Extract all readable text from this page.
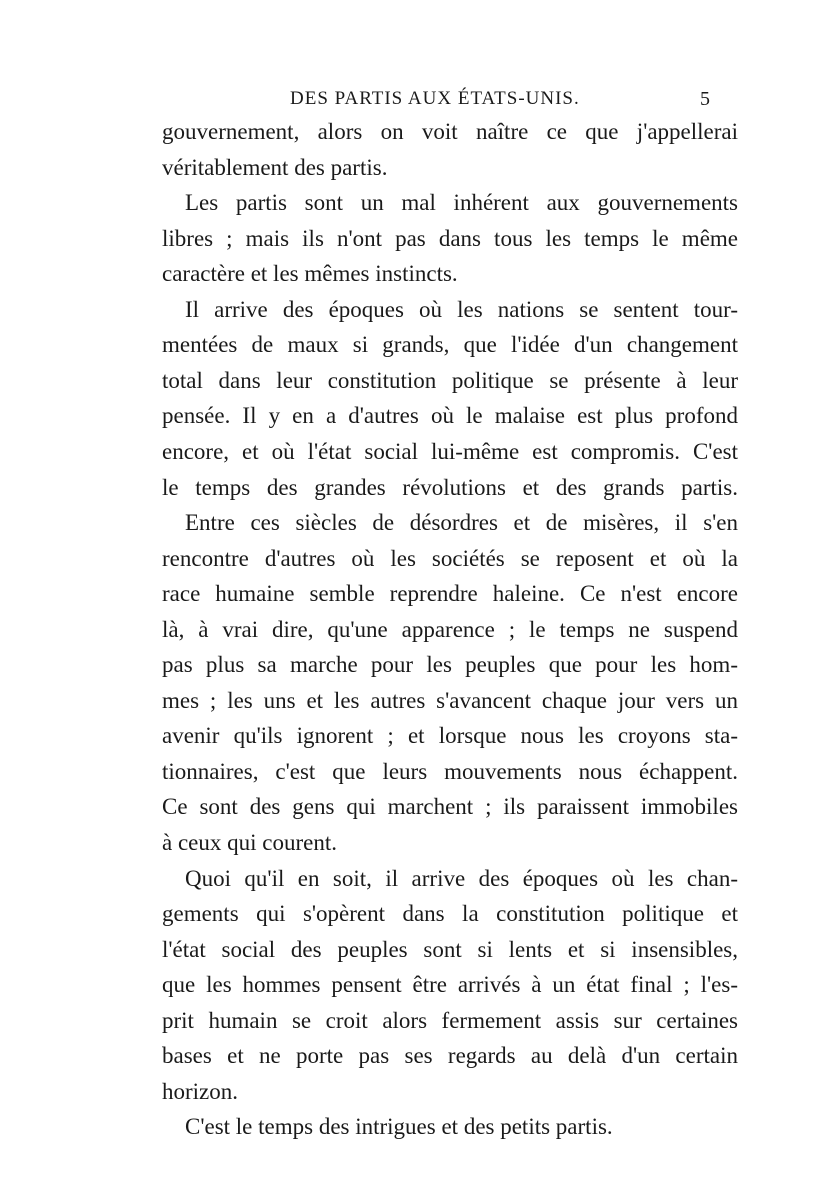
DES PARTIS AUX ÉTATS-UNIS.	5
gouvernement, alors on voit naître ce que j'appellerai
véritablement des partis.
Les partis sont un mal inhérent aux gouvernements
libres ; mais ils n'ont pas dans tous les temps le même
caractère et les mêmes instincts.
Il arrive des époques où les nations se sentent tour-
mentées de maux si grands, que l'idée d'un changement
total dans leur constitution politique se présente à leur
pensée. Il y en a d'autres où le malaise est plus profond
encore, et où l'état social lui-même est compromis. C'est
le temps des grandes révolutions et des grands partis.
Entre ces siècles de désordres et de misères, il s'en
rencontre d'autres où les sociétés se reposent et où la
race humaine semble reprendre haleine. Ce n'est encore
là, à vrai dire, qu'une apparence ; le temps ne suspend
pas plus sa marche pour les peuples que pour les hom-
mes ; les uns et les autres s'avancent chaque jour vers un
avenir qu'ils ignorent ; et lorsque nous les croyons sta-
tionnaires, c'est que leurs mouvements nous échappent.
Ce sont des gens qui marchent ; ils paraissent immobiles
à ceux qui courent.
Quoi qu'il en soit, il arrive des époques où les chan-
gements qui s'opèrent dans la constitution politique et
l'état social des peuples sont si lents et si insensibles,
que les hommes pensent être arrivés à un état final ; l'es-
prit humain se croit alors fermement assis sur certaines
bases et ne porte pas ses regards au delà d'un certain
horizon.
C'est le temps des intrigues et des petits partis.
